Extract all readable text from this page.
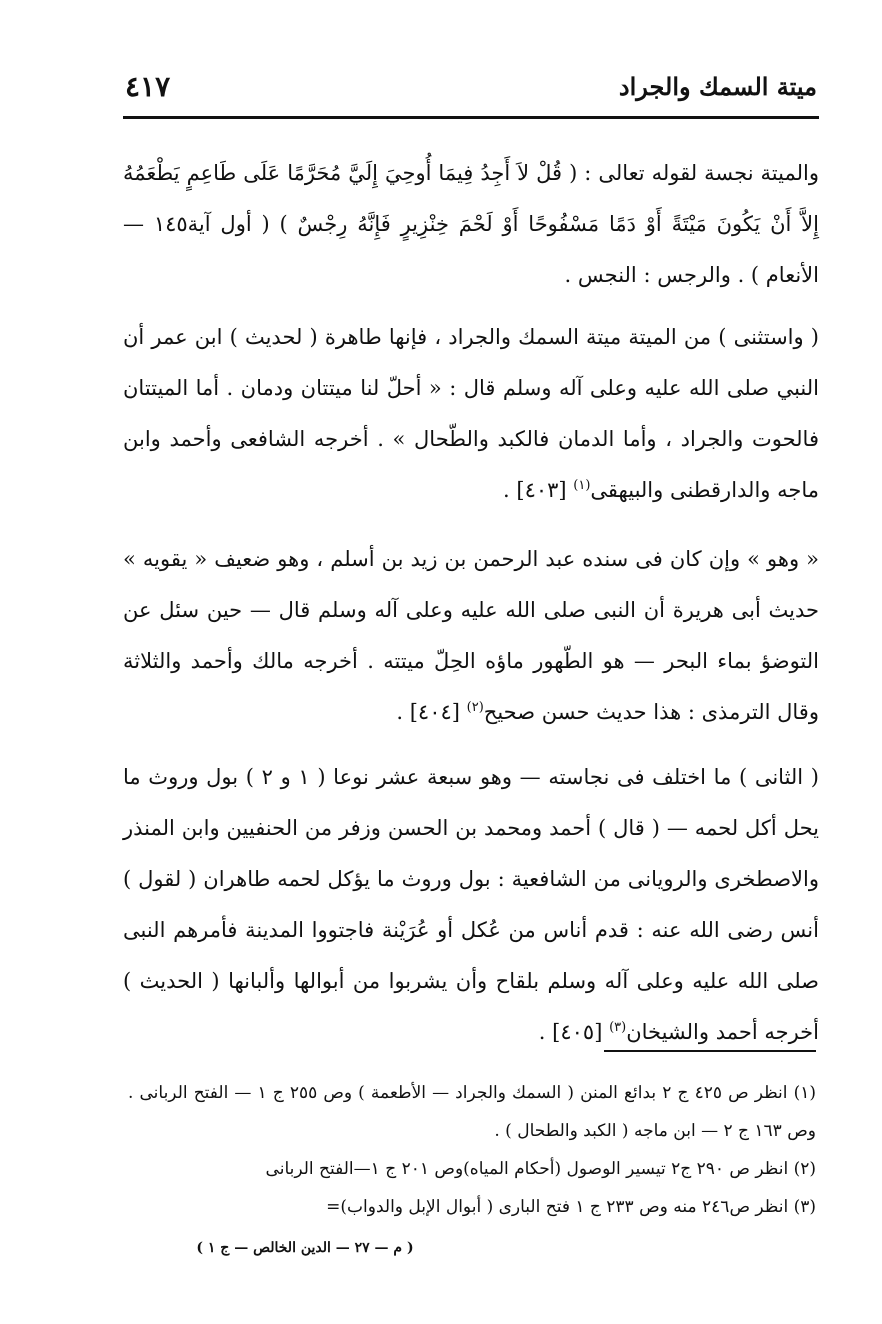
ميتة السمك والجراد
٤١٧

والميتة نجسة لقوله تعالى : ( قُلْ لاَ أَجِدُ فِيمَا أُوحِيَ إِلَيَّ مُحَرَّمًا عَلَى طَاعِمٍ يَطْعَمُهُ إِلاَّ أَنْ يَكُونَ مَيْتَةً أَوْ دَمًا مَسْفُوحًا أَوْ لَحْمَ خِنْزِيرٍ فَإِنَّهُ رِجْسٌ ) ( أول آية١٤٥ — الأنعام ) . والرجس : النجس .

( واستثنى ) من الميتة ميتة السمك والجراد ، فإنها طاهرة ( لحديث ) ابن عمر أن النبي صلى الله عليه وعلى آله وسلم قال : « أحلّ لنا ميتتان ودمان . أما الميتتان فالحوت والجراد ، وأما الدمان فالكبد والطّحال » . أخرجه الشافعى وأحمد وابن ماجه والدارقطنى والبيهقى$^{(١)}$ [٤٠٣] .

« وهو » وإن كان فى سنده عبد الرحمن بن زيد بن أسلم ، وهو ضعيف « يقويه » حديث أبى هريرة أن النبى صلى الله عليه وعلى آله وسلم قال — حين سئل عن التوضؤ بماء البحر — هو الطّهور ماؤه الحِلّ ميتته . أخرجه مالك وأحمد والثلاثة وقال الترمذى : هذا حديث حسن صحيح$^{(٢)}$ [٤٠٤] .

( الثانى ) ما اختلف فى نجاسته — وهو سبعة عشر نوعا ( ١ و ٢ ) بول وروث ما يحل أكل لحمه — ( قال ) أحمد ومحمد بن الحسن وزفر من الحنفيين وابن المنذر والاصطخرى والرويانى من الشافعية : بول وروث ما يؤكل لحمه طاهران ( لقول ) أنس رضى الله عنه : قدم أناس من عُكل أو عُرَيْنة فاجتووا المدينة فأمرهم النبى صلى الله عليه وعلى آله وسلم بلقاح وأن يشربوا من أبوالها وألبانها ( الحديث ) أخرجه أحمد والشيخان$^{(٣)}$ [٤٠٥] .

(١) انظر ص ٤٢٥ ج ٢ بدائع المنن ( السمك والجراد — الأطعمة ) وص ٢٥٥ ج ١ — الفتح الربانى . وص ١٦٣ ج ٢ — ابن ماجه ( الكبد والطحال ) .

(٢) انظر ص ٢٩٠ ج٢ تيسير الوصول (أحكام المياه)وص ٢٠١ ج ١—الفتح الربانى

(٣) انظر ص٢٤٦ منه وص ٢٣٣ ج ١ فتح البارى ( أبوال الإبل والدواب)=

( م — ٢٧ — الدين الخالص — ج ١ )
